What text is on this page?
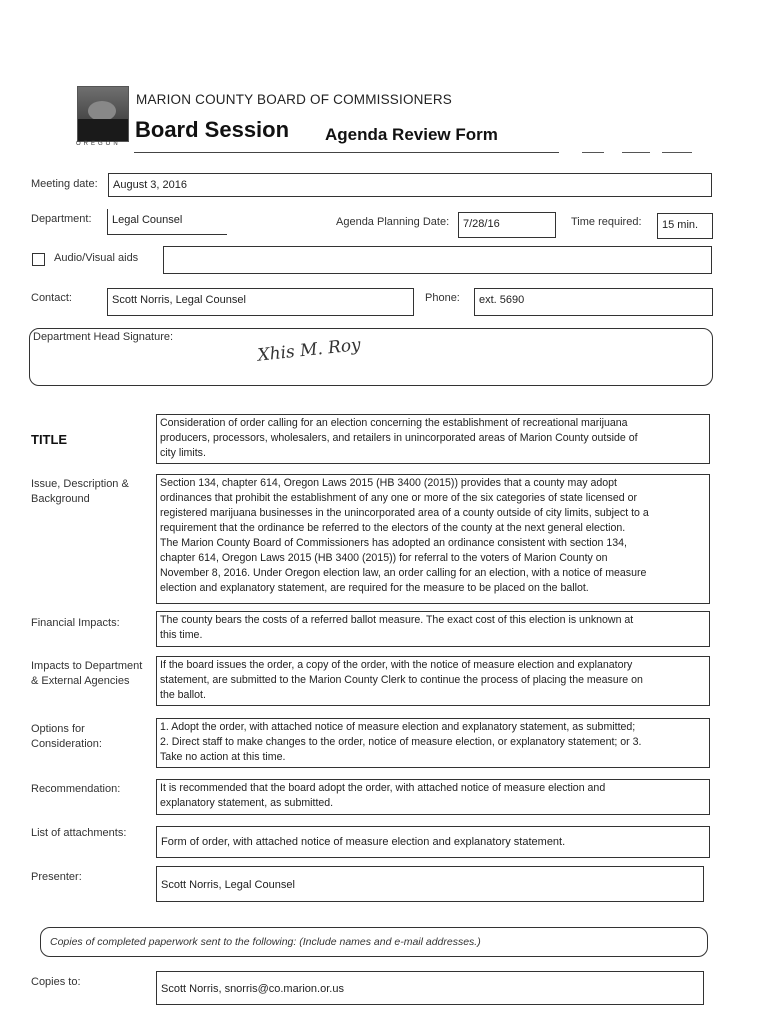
OREGON
MARION COUNTY BOARD OF COMMISSIONERS
Board Session Agenda Review Form
Meeting date:	August 3, 2016
Department:	Legal Counsel	Agenda Planning Date:	7/28/16	Time required:	15 min.
Audio/Visual aids
Contact:	Scott Norris, Legal Counsel	Phone:	ext. 5690
Department Head Signature:	Xhis M. Roy
TITLE
Consideration of order calling for an election concerning the establishment of recreational marijuana
producers, processors, wholesalers, and retailers in unincorporated areas of Marion County outside of
city limits.
Issue, Description &
Background
Section 134, chapter 614, Oregon Laws 2015 (HB 3400 (2015)) provides that a county may adopt
ordinances that prohibit the establishment of any one or more of the six categories of state licensed or
registered marijuana businesses in the unincorporated area of a county outside of city limits, subject to a
requirement that the ordinance be referred to the electors of the county at the next general election.
The Marion County Board of Commissioners has adopted an ordinance consistent with section 134,
chapter 614, Oregon Laws 2015 (HB 3400 (2015)) for referral to the voters of Marion County on
November 8, 2016. Under Oregon election law, an order calling for an election, with a notice of measure
election and explanatory statement, are required for the measure to be placed on the ballot.
Financial Impacts:	The county bears the costs of a referred ballot measure. The exact cost of this election is unknown at
this time.
Impacts to Department
& External Agencies
If the board issues the order, a copy of the order, with the notice of measure election and explanatory
statement, are submitted to the Marion County Clerk to continue the process of placing the measure on
the ballot.
Options for
Consideration:
1. Adopt the order, with attached notice of measure election and explanatory statement, as submitted;
2. Direct staff to make changes to the order, notice of measure election, or explanatory statement; or 3.
Take no action at this time.
Recommendation:	It is recommended that the board adopt the order, with attached notice of measure election and
explanatory statement, as submitted.
List of attachments:
Form of order, with attached notice of measure election and explanatory statement.
Presenter:
Scott Norris, Legal Counsel
Copies of completed paperwork sent to the following: (Include names and e-mail addresses.)
Copies to:
Scott Norris, snorris@co.marion.or.us
